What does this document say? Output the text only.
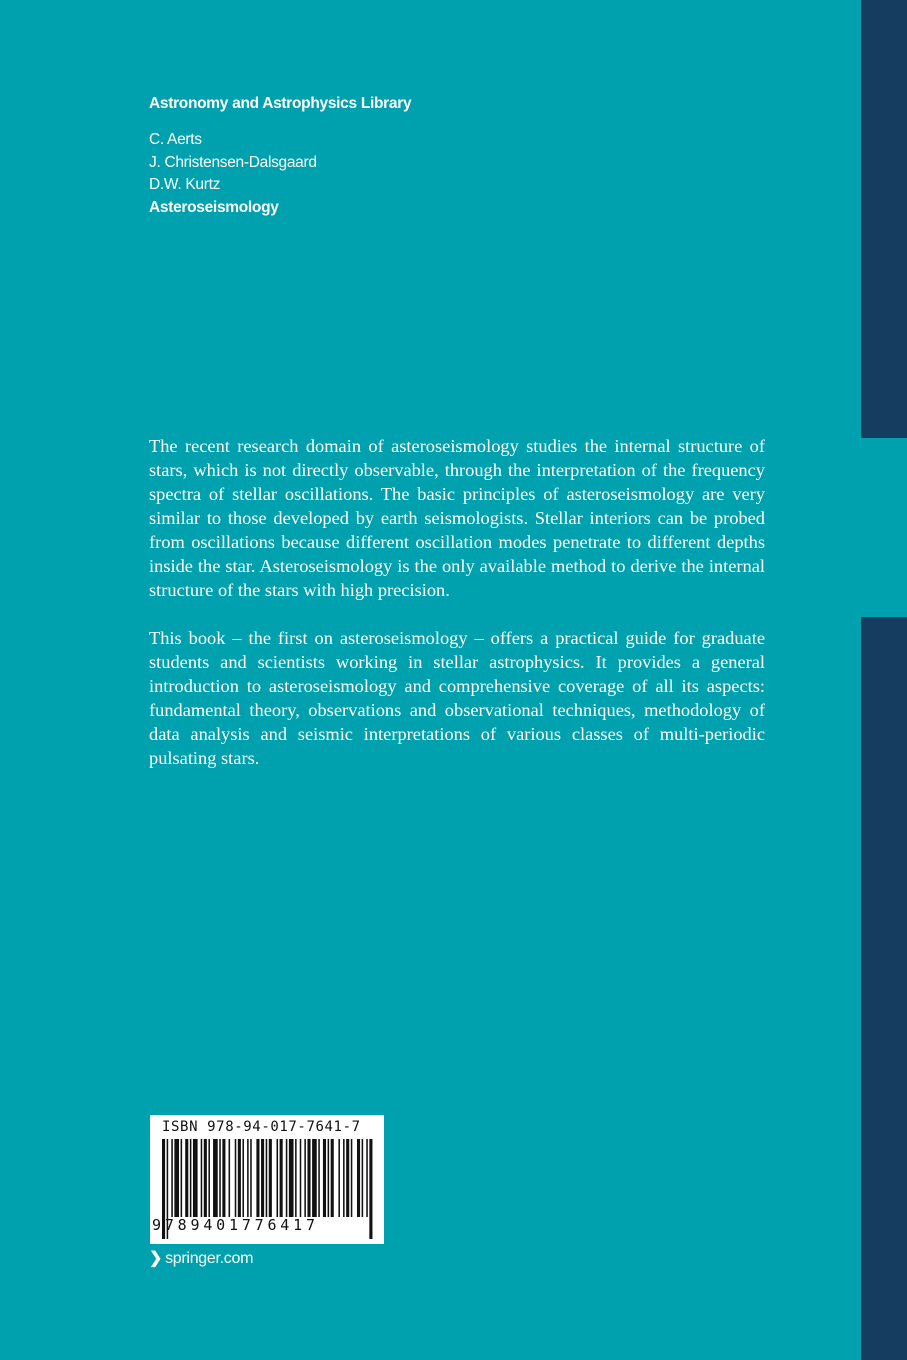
Astronomy and Astrophysics Library
C. Aerts
J. Christensen-Dalsgaard
D.W. Kurtz
Asteroseismology

The recent research domain of asteroseismology studies the internal structure of stars, which is not directly observable, through the interpretation of the frequency spectra of stellar oscillations. The basic principles of asteroseismology are very similar to those developed by earth seismologists. Stellar interiors can be probed from oscillations because different oscillation modes penetrate to different depths inside the star. Asteroseismology is the only available method to derive the internal structure of the stars with high precision.

This book – the first on asteroseismology – offers a practical guide for graduate students and scientists working in stellar astrophysics. It provides a general introduction to asteroseismology and comprehensive coverage of all its aspects: fundamental theory, observations and observational techniques, methodology of data analysis and seismic interpretations of various classes of multi-periodic pulsating stars.

ISBN 978-94-017-7641-7
9789401776417
❯ springer.com
